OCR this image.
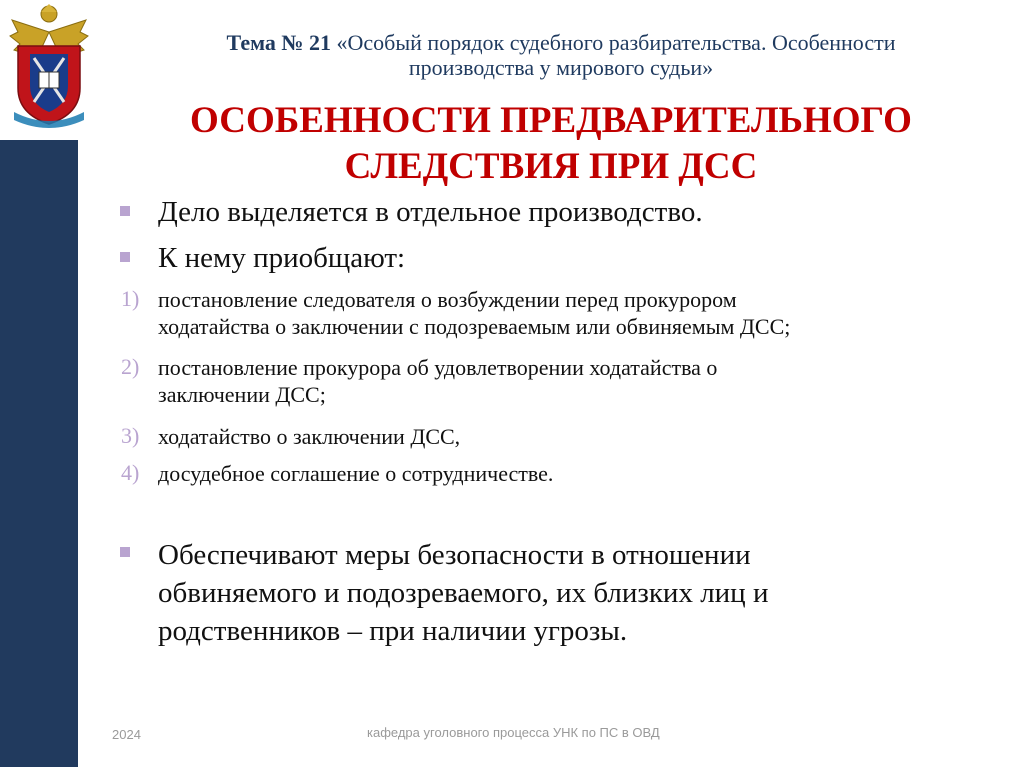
Тема № 21 «Особый порядок судебного разбирательства. Особенности
производства у мирового судьи»
ОСОБЕННОСТИ ПРЕДВАРИТЕЛЬНОГО
СЛЕДСТВИЯ ПРИ ДСС
Дело выделяется в отдельное производство.
К нему приобщают:
1) постановление следователя о возбуждении перед прокурором
ходатайства о заключении с подозреваемым или обвиняемым ДСС;
2) постановление прокурора об удовлетворении ходатайства о
заключении ДСС;
3) ходатайство о заключении ДСС,
4) досудебное соглашение о сотрудничестве.
Обеспечивают меры безопасности в отношении
обвиняемого и подозреваемого, их близких лиц и
родственников – при наличии угрозы.
2024	кафедра уголовного процесса УНК по ПС в ОВД
